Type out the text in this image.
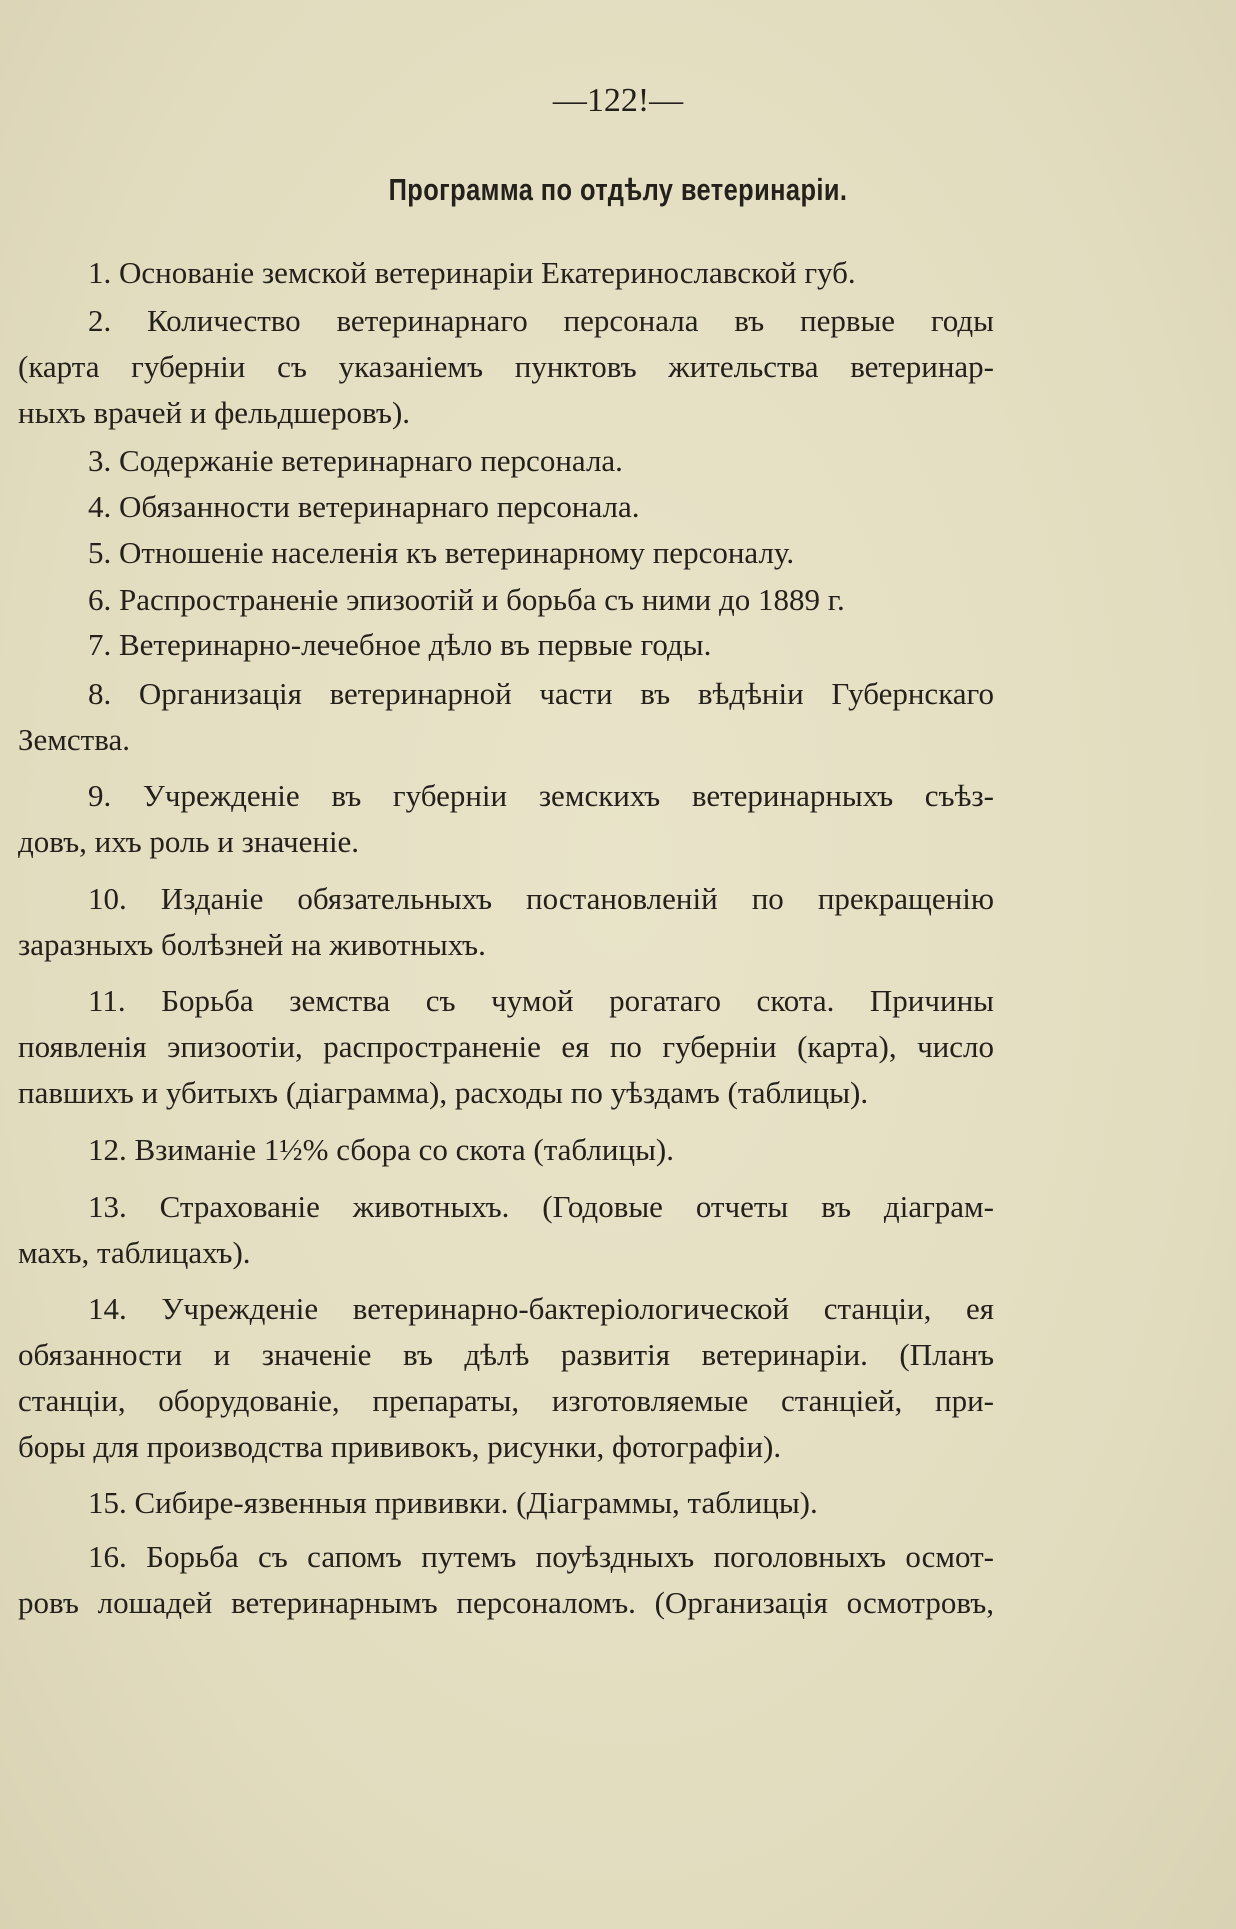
—122!—
Программа по отдѣлу ветеринаріи.
1. Основаніе земской ветеринаріи Екатеринославской губ.
2. Количество ветеринарнаго персонала въ первые годы
(карта губерніи съ указаніемъ пунктовъ жительства ветеринар-
ныхъ врачей и фельдшеровъ).
3. Содержаніе ветеринарнаго персонала.
4. Обязанности ветеринарнаго персонала.
5. Отношеніе населенія къ ветеринарному персоналу.
6. Распространеніе эпизоотій и борьба съ ними до 1889 г.
7. Ветеринарно-лечебное дѣло въ первые годы.
8. Организація ветеринарной части въ вѣдѣніи Губернскаго
Земства.
9. Учрежденіе въ губерніи земскихъ ветеринарныхъ съѣз-
довъ, ихъ роль и значеніе.
10. Изданіе обязательныхъ постановленій по прекращенію
заразныхъ болѣзней на животныхъ.
11. Борьба земства съ чумой рогатаго скота. Причины
появленія эпизоотіи, распространеніе ея по губерніи (карта), число
павшихъ и убитыхъ (діаграмма), расходы по уѣздамъ (таблицы).
12. Взиманіе 1½% сбора со скота (таблицы).
13. Страхованіе животныхъ. (Годовые отчеты въ діаграм-
махъ, таблицахъ).
14. Учрежденіе ветеринарно-бактеріологической станціи, ея
обязанности и значеніе въ дѣлѣ развитія ветеринаріи. (Планъ
станціи, оборудованіе, препараты, изготовляемые станціей, при-
боры для производства прививокъ, рисунки, фотографіи).
15. Сибире-язвенныя прививки. (Діаграммы, таблицы).
16. Борьба съ сапомъ путемъ поуѣздныхъ поголовныхъ осмот-
ровъ лошадей ветеринарнымъ персоналомъ. (Организація осмотровъ,
